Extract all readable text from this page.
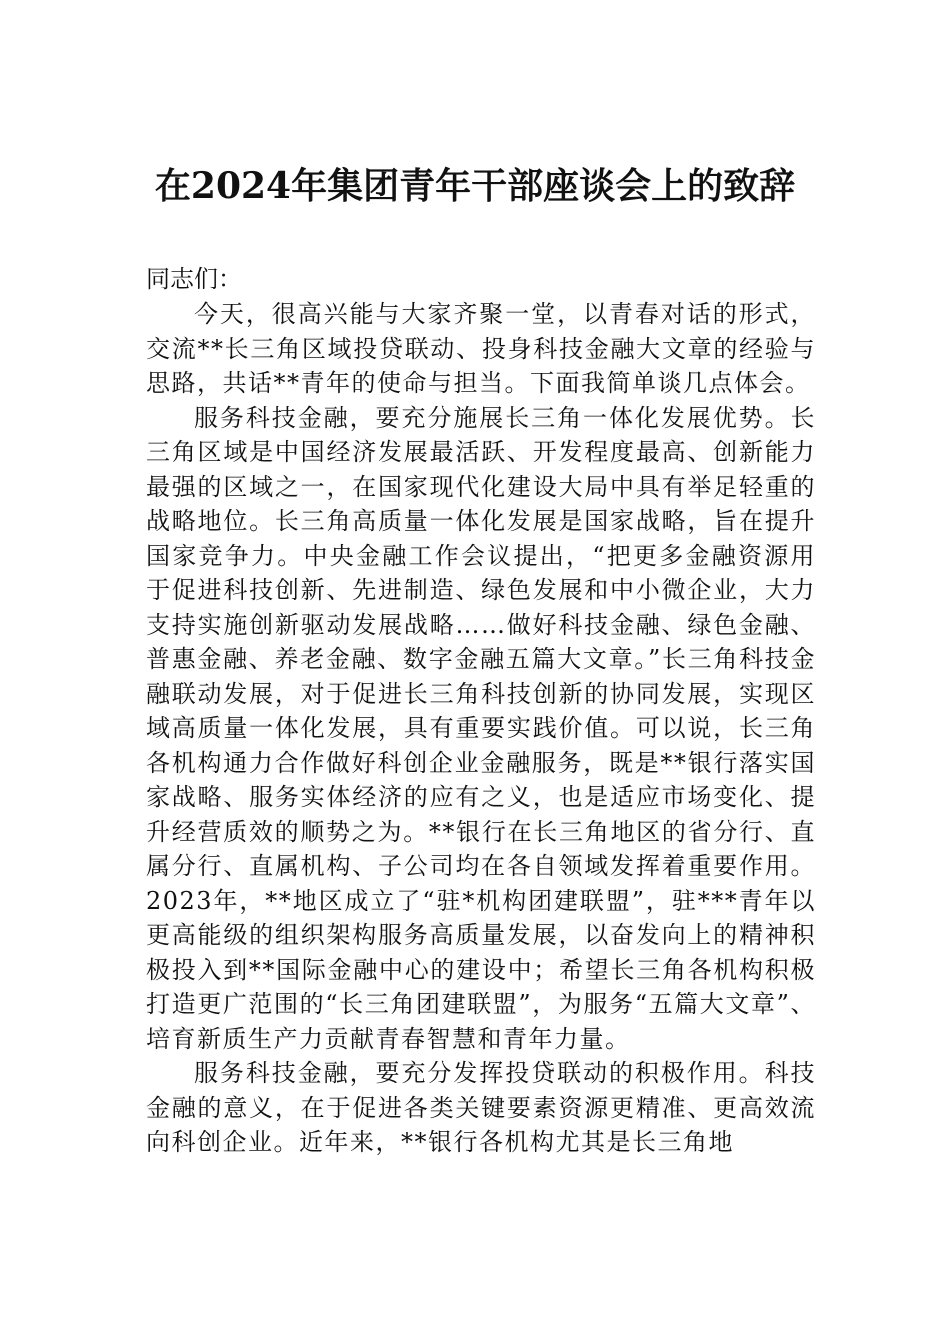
在2024年集团青年干部座谈会上的致辞
同志们：

今天，很高兴能与大家齐聚一堂，以青春对话的形式，交流**长三角区域投贷联动、投身科技金融大文章的经验与思路，共话**青年的使命与担当。下面我简单谈几点体会。

服务科技金融，要充分施展长三角一体化发展优势。长三角区域是中国经济发展最活跃、开发程度最高、创新能力最强的区域之一，在国家现代化建设大局中具有举足轻重的战略地位。长三角高质量一体化发展是国家战略，旨在提升国家竞争力。中央金融工作会议提出，“把更多金融资源用于促进科技创新、先进制造、绿色发展和中小微企业，大力支持实施创新驱动发展战略……做好科技金融、绿色金融、普惠金融、养老金融、数字金融五篇大文章。”长三角科技金融联动发展，对于促进长三角科技创新的协同发展，实现区域高质量一体化发展，具有重要实践价值。可以说，长三角各机构通力合作做好科创企业金融服务，既是**银行落实国家战略、服务实体经济的应有之义，也是适应市场变化、提升经营质效的顺势之为。**银行在长三角地区的省分行、直属分行、直属机构、子公司均在各自领域发挥着重要作用。2023年，**地区成立了“驻*机构团建联盟”，驻***青年以更高能级的组织架构服务高质量发展，以奋发向上的精神积极投入到**国际金融中心的建设中；希望长三角各机构积极打造更广范围的“长三角团建联盟”，为服务“五篇大文章”、培育新质生产力贡献青春智慧和青年力量。

服务科技金融，要充分发挥投贷联动的积极作用。科技金融的意义，在于促进各类关键要素资源更精准、更高效流向科创企业。近年来，**银行各机构尤其是长三角地
